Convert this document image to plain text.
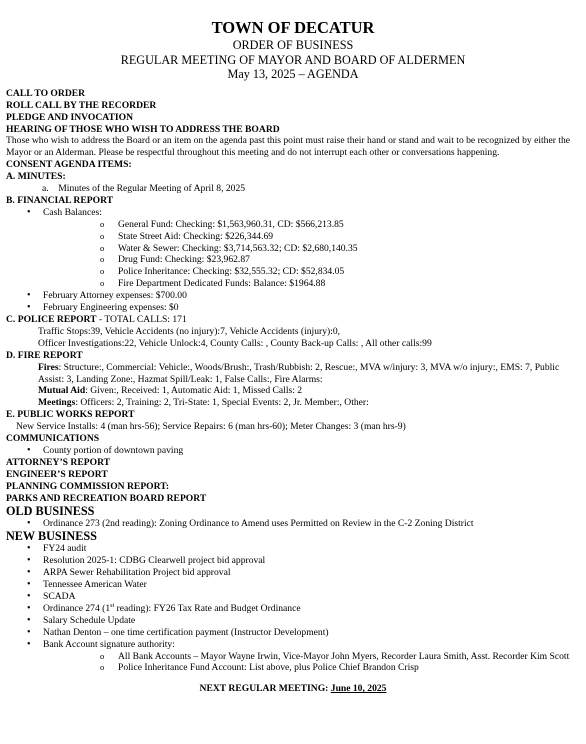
TOWN OF DECATUR
ORDER OF BUSINESS
REGULAR MEETING OF MAYOR AND BOARD OF ALDERMEN
May 13, 2025 – AGENDA
CALL TO ORDER
ROLL CALL BY THE RECORDER
PLEDGE AND INVOCATION
HEARING OF THOSE WHO WISH TO ADDRESS THE BOARD
Those who wish to address the Board or an item on the agenda past this point must raise their hand or stand and wait to be recognized by either the Mayor or an Alderman. Please be respectful throughout this meeting and do not interrupt each other or conversations happening.
CONSENT AGENDA ITEMS:
A. MINUTES:
a. Minutes of the Regular Meeting of April 8, 2025
B. FINANCIAL REPORT
• Cash Balances:
o General Fund: Checking: $1,563,960.31, CD: $566,213.85
o State Street Aid: Checking: $226,344.69
o Water & Sewer: Checking: $3,714,563.32; CD: $2,680,140.35
o Drug Fund: Checking: $23,962.87
o Police Inheritance: Checking: $32,555.32; CD: $52,834.05
o Fire Department Dedicated Funds: Balance: $1964.88
• February Attorney expenses: $700.00
• February Engineering expenses: $0
C. POLICE REPORT - TOTAL CALLS: 171
Traffic Stops:39, Vehicle Accidents (no injury):7, Vehicle Accidents (injury):0,
Officer Investigations:22, Vehicle Unlock:4, County Calls: , County Back-up Calls: , All other calls:99
D. FIRE REPORT
Fires: Structure:, Commercial: Vehicle:, Woods/Brush:, Trash/Rubbish: 2, Rescue:, MVA w/injury: 3, MVA w/o injury:, EMS: 7, Public Assist: 3, Landing Zone:, Hazmat Spill/Leak: 1, False Calls:, Fire Alarms:
Mutual Aid: Given:, Received: 1, Automatic Aid: 1, Missed Calls: 2
Meetings: Officers: 2, Training: 2, Tri-State: 1, Special Events: 2, Jr. Member:, Other:
E. PUBLIC WORKS REPORT
New Service Installs: 4 (man hrs-56); Service Repairs: 6 (man hrs-60); Meter Changes: 3 (man hrs-9)
COMMUNICATIONS
• County portion of downtown paving
ATTORNEY’S REPORT
ENGINEER’S REPORT
PLANNING COMMISSION REPORT:
PARKS AND RECREATION BOARD REPORT
OLD BUSINESS
• Ordinance 273 (2nd reading): Zoning Ordinance to Amend uses Permitted on Review in the C-2 Zoning District
NEW BUSINESS
• FY24 audit
• Resolution 2025-1: CDBG Clearwell project bid approval
• ARPA Sewer Rehabilitation Project bid approval
• Tennessee American Water
• SCADA
• Ordinance 274 (1st reading): FY26 Tax Rate and Budget Ordinance
• Salary Schedule Update
• Nathan Denton – one time certification payment (Instructor Development)
• Bank Account signature authority:
o All Bank Accounts – Mayor Wayne Irwin, Vice-Mayor John Myers, Recorder Laura Smith, Asst. Recorder Kim Scott
o Police Inheritance Fund Account: List above, plus Police Chief Brandon Crisp
NEXT REGULAR MEETING: June 10, 2025
